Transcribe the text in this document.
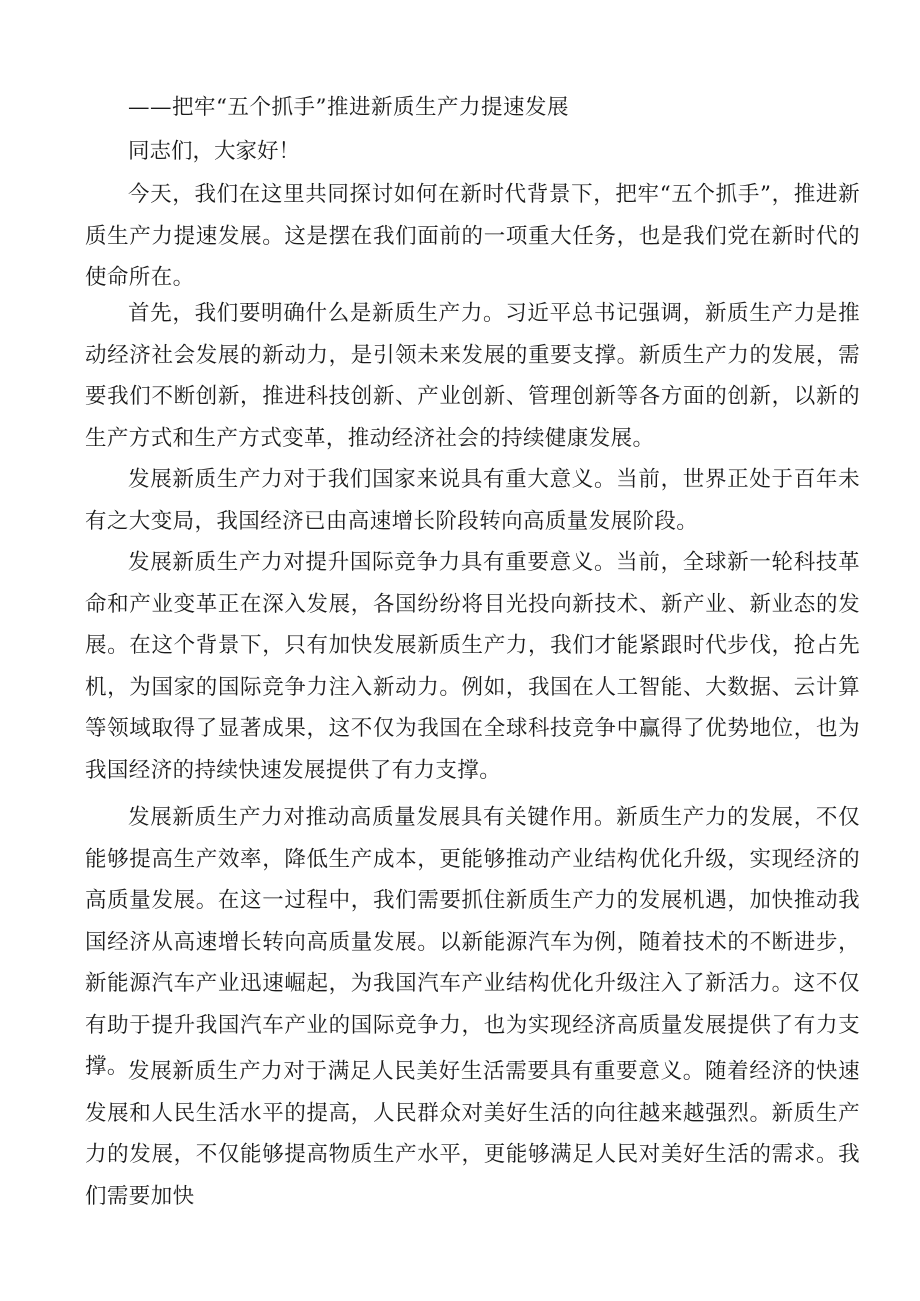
——把牢“五个抓手”推进新质生产力提速发展

同志们，大家好！

今天，我们在这里共同探讨如何在新时代背景下，把牢“五个抓手”，推进新质生产力提速发展。这是摆在我们面前的一项重大任务，也是我们党在新时代的使命所在。

首先，我们要明确什么是新质生产力。习近平总书记强调，新质生产力是推动经济社会发展的新动力，是引领未来发展的重要支撑。新质生产力的发展，需要我们不断创新，推进科技创新、产业创新、管理创新等各方面的创新，以新的生产方式和生产方式变革，推动经济社会的持续健康发展。

发展新质生产力对于我们国家来说具有重大意义。当前，世界正处于百年未有之大变局，我国经济已由高速增长阶段转向高质量发展阶段。

发展新质生产力对提升国际竞争力具有重要意义。当前，全球新一轮科技革命和产业变革正在深入发展，各国纷纷将目光投向新技术、新产业、新业态的发展。在这个背景下，只有加快发展新质生产力，我们才能紧跟时代步伐，抢占先机，为国家的国际竞争力注入新动力。例如，我国在人工智能、大数据、云计算等领域取得了显著成果，这不仅为我国在全球科技竞争中赢得了优势地位，也为我国经济的持续快速发展提供了有力支撑。

发展新质生产力对推动高质量发展具有关键作用。新质生产力的发展，不仅能够提高生产效率，降低生产成本，更能够推动产业结构优化升级，实现经济的高质量发展。在这一过程中，我们需要抓住新质生产力的发展机遇，加快推动我国经济从高速增长转向高质量发展。以新能源汽车为例，随着技术的不断进步，新能源汽车产业迅速崛起，为我国汽车产业结构优化升级注入了新活力。这不仅有助于提升我国汽车产业的国际竞争力，也为实现经济高质量发展提供了有力支撑。 发展新质生产力对于满足人民美好生活需要具有重要意义。随着经济的快速发展和人民生活水平的提高，人民群众对美好生活的向往越来越强烈。新质生产力的发展，不仅能够提高物质生产水平，更能够满足人民对美好生活的需求。我们需要加快
